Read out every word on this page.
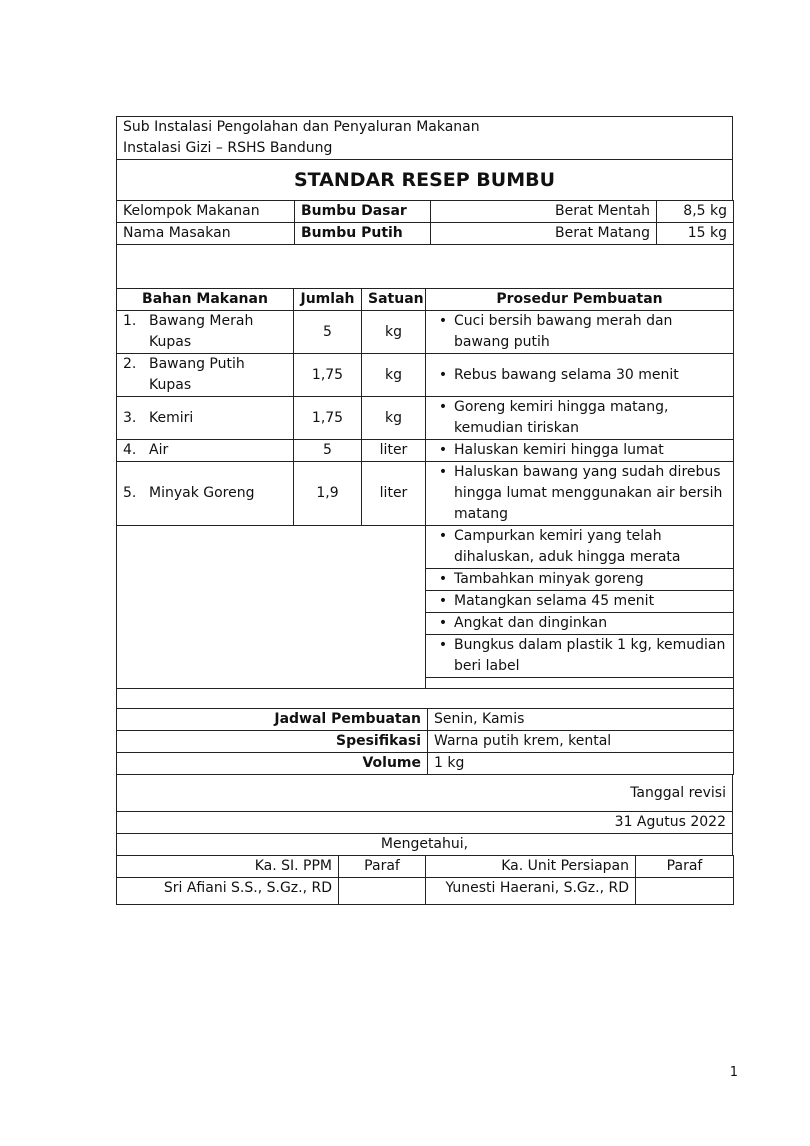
Sub Instalasi Pengolahan dan Penyaluran Makanan
Instalasi Gizi – RSHS Bandung

STANDAR RESEP BUMBU
Kelompok Makanan	Bumbu Dasar	Berat Mentah	8,5 kg
Nama Masakan	Bumbu Putih	Berat Matang	15 kg

Bahan Makanan	Jumlah	Satuan	Prosedur Pembuatan

1. Bawang Merah Kupas	5	kg	• Cuci bersih bawang merah dan bawang putih

2. Bawang Putih Kupas	1,75	kg	• Rebus bawang selama 30 menit

3. Kemiri	1,75	kg	• Goreng kemiri hingga matang, kemudian tiriskan

4. Air	5	liter	• Haluskan kemiri hingga lumat

5. Minyak Goreng	1,9	liter	• Haluskan bawang yang sudah direbus hingga lumat menggunakan air bersih matang

			• Campurkan kemiri yang telah dihaluskan, aduk hingga merata

			• Tambahkan minyak goreng

			• Matangkan selama 45 menit

			• Angkat dan dinginkan

			• Bungkus dalam plastik 1 kg, kemudian beri label

Jadwal Pembuatan	Senin, Kamis
Spesifikasi	Warna putih krem, kental
Volume	1 kg
Tanggal revisi
31 Agutus 2022
Mengetahui,
Ka. SI. PPM	Paraf	Ka. Unit Persiapan	Paraf
Sri Afiani S.S., S.Gz., RD		Yunesti Haerani, S.Gz., RD	
1
